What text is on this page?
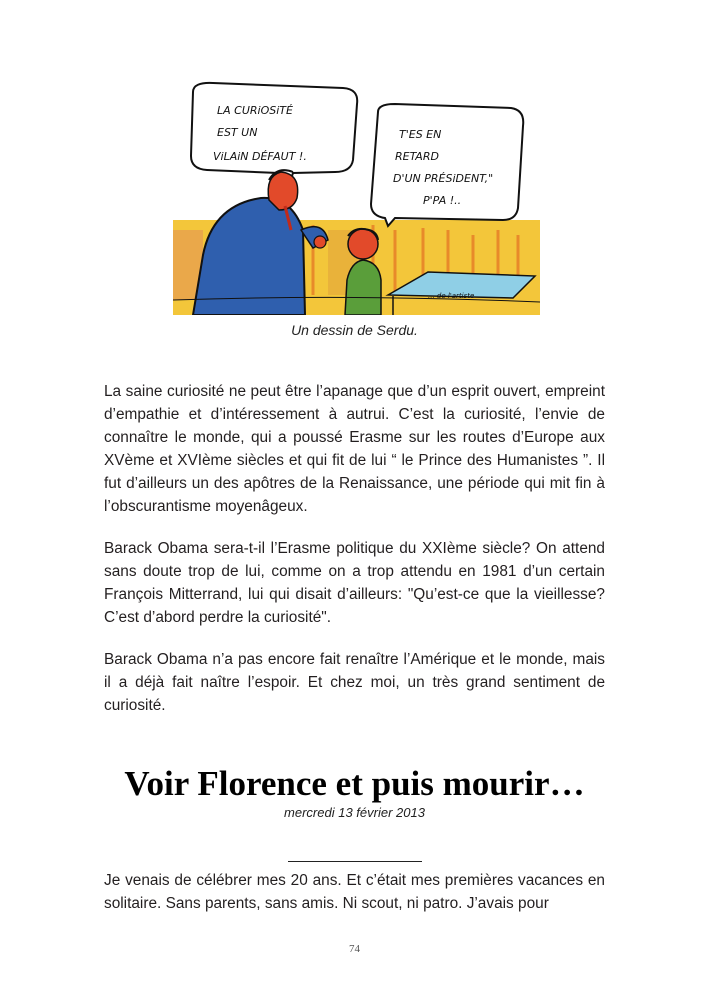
LA CURiOSiTÉ
EST UN
ViLAiN DÉFAUT !.
T'ES EN
RETARD
D'UN PRÉSiDENT,"
P'PA !..
... de l'artiste
Un dessin de Serdu.

La saine curiosité ne peut être l’apanage que d’un esprit ouvert, empreint d’empathie et d’intéressement à autrui. C’est la curiosité, l’envie de connaître le monde, qui a poussé Erasme sur les routes d’Europe aux XVème et XVIème siècles et qui fit de lui “ le Prince des Humanistes ”. Il fut d’ailleurs un des apôtres de la Renaissance, une période qui mit fin à l’obscurantisme moyenâgeux.

Barack Obama sera-t-il l’Erasme politique du XXIème siècle? On attend sans doute trop de lui, comme on a trop attendu en 1981 d’un certain François Mitterrand, lui qui disait d’ailleurs: "Qu’est-ce que la vieillesse? C’est d’abord perdre la curiosité".

Barack Obama n’a pas encore fait renaître l’Amérique et le monde, mais il a déjà fait naître l’espoir. Et chez moi, un très grand sentiment de curiosité.

Voir Florence et puis mourir…
mercredi 13 février 2013

Je venais de célébrer mes 20 ans. Et c’était mes premières vacances en solitaire. Sans parents, sans amis. Ni scout, ni patro. J’avais pour

74
